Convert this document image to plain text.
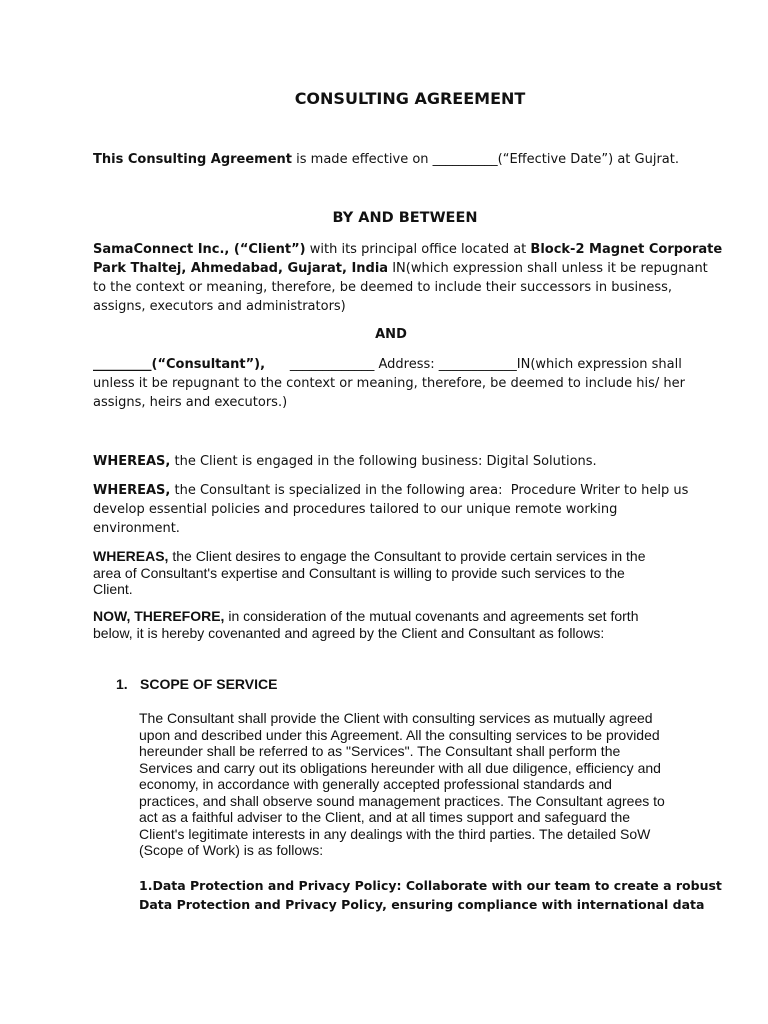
CONSULTING AGREEMENT
This Consulting Agreement is made effective on __________(“Effective Date”) at Gujrat.
BY AND BETWEEN
SamaConnect Inc., (“Client”) with its principal office located at Block-2 Magnet Corporate
Park Thaltej, Ahmedabad, Gujarat, India IN(which expression shall unless it be repugnant
to the context or meaning, therefore, be deemed to include their successors in business,
assigns, executors and administrators)
AND
_________(“Consultant”),      _____________ Address: ____________IN(which expression shall
unless it be repugnant to the context or meaning, therefore, be deemed to include his/ her
assigns, heirs and executors.)
WHEREAS, the Client is engaged in the following business: Digital Solutions.
WHEREAS, the Consultant is specialized in the following area:  Procedure Writer to help us
develop essential policies and procedures tailored to our unique remote working
environment.
WHEREAS, the Client desires to engage the Consultant to provide certain services in the
area of Consultant's expertise and Consultant is willing to provide such services to the
Client.
NOW, THEREFORE, in consideration of the mutual covenants and agreements set forth
below, it is hereby covenanted and agreed by the Client and Consultant as follows:
1. SCOPE OF SERVICE
The Consultant shall provide the Client with consulting services as mutually agreed
upon and described under this Agreement. All the consulting services to be provided
hereunder shall be referred to as "Services". The Consultant shall perform the
Services and carry out its obligations hereunder with all due diligence, efficiency and
economy, in accordance with generally accepted professional standards and
practices, and shall observe sound management practices. The Consultant agrees to
act as a faithful adviser to the Client, and at all times support and safeguard the
Client's legitimate interests in any dealings with the third parties. The detailed SoW
(Scope of Work) is as follows:
1.Data Protection and Privacy Policy: Collaborate with our team to create a robust
Data Protection and Privacy Policy, ensuring compliance with international data
